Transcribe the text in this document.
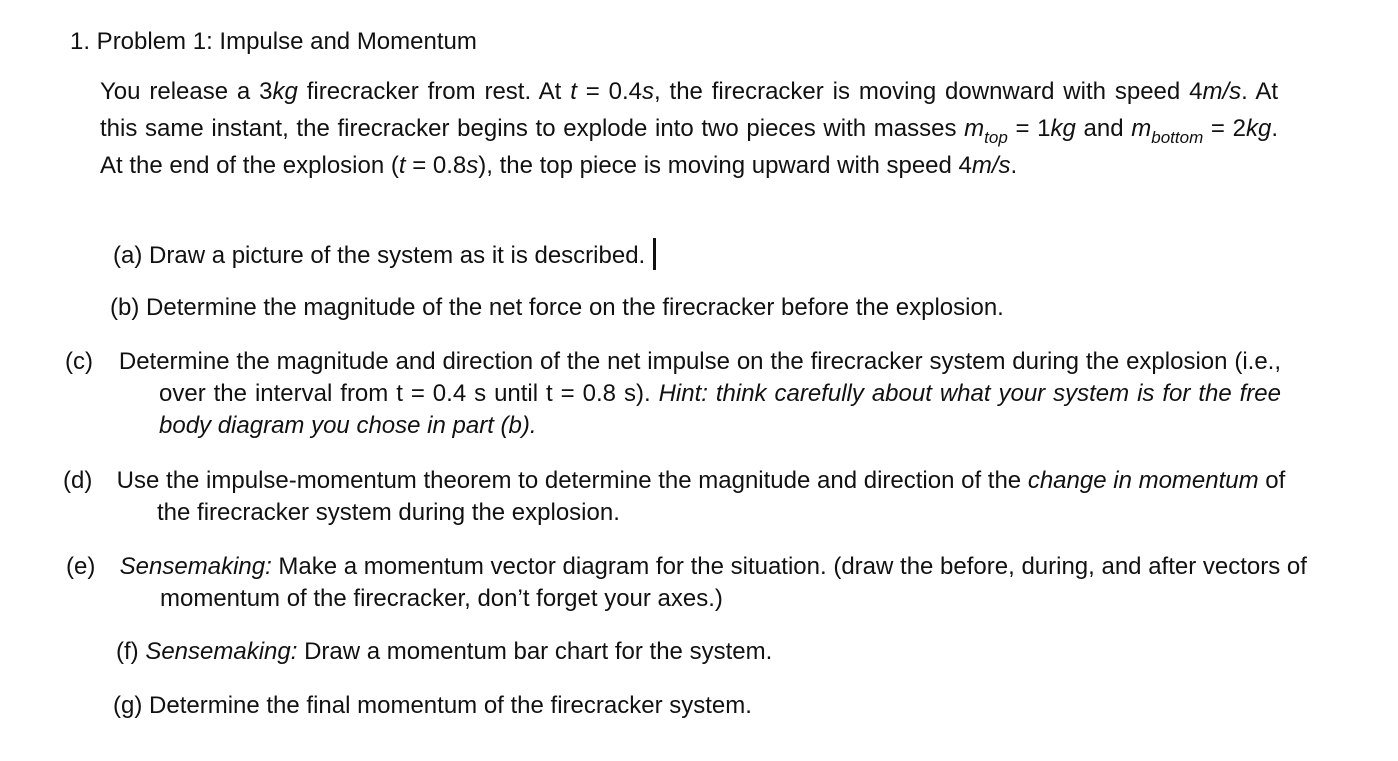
1. Problem 1: Impulse and Momentum
You release a 3kg firecracker from rest. At t = 0.4s, the firecracker is moving downward with speed 4m/s. At this same instant, the firecracker begins to explode into two pieces with masses $m_{top} = 1kg$ and $m_{bottom} = 2kg$. At the end of the explosion (t = 0.8s), the top piece is moving upward with speed 4m/s.
(a) Draw a picture of the system as it is described.
(b) Determine the magnitude of the net force on the firecracker before the explosion.
(c) Determine the magnitude and direction of the net impulse on the firecracker system during the explosion (i.e., over the interval from t = 0.4 s until t = 0.8 s). Hint: think carefully about what your system is for the free body diagram you chose in part (b).
(d) Use the impulse-momentum theorem to determine the magnitude and direction of the change in momentum of the firecracker system during the explosion.
(e) Sensemaking: Make a momentum vector diagram for the situation. (draw the before, during, and after vectors of momentum of the firecracker, don’t forget your axes.)
(f) Sensemaking: Draw a momentum bar chart for the system.
(g) Determine the final momentum of the firecracker system.
